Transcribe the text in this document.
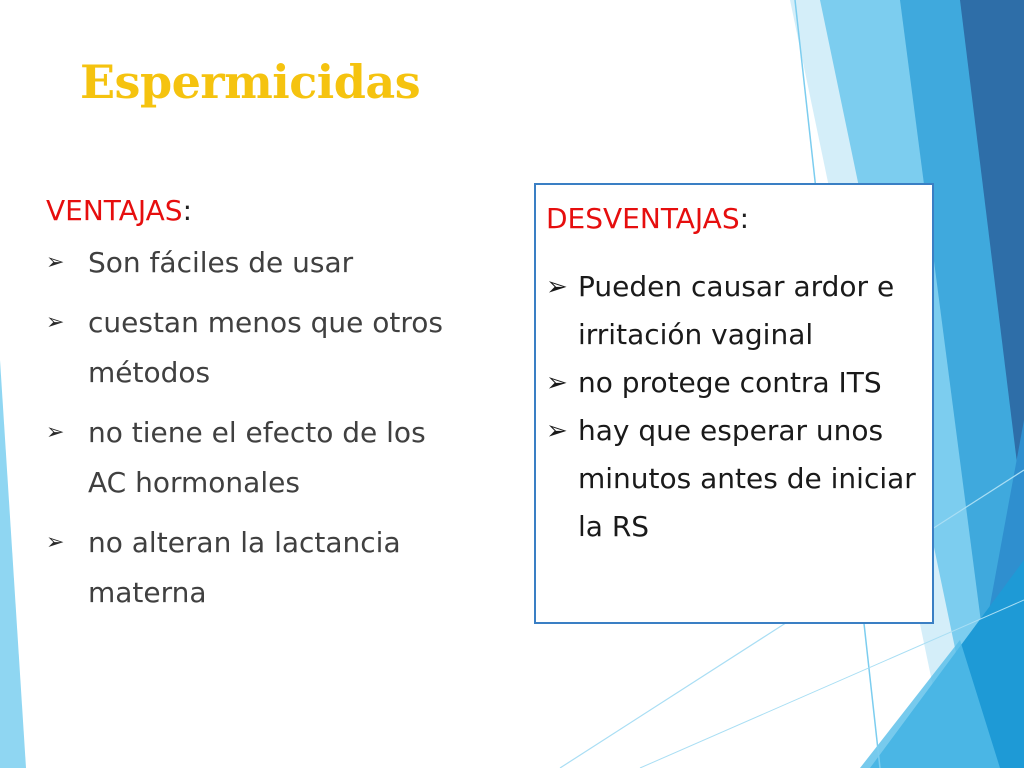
Espermicidas
VENTAJAS:
➢ Son fáciles de usar
➢ cuestan menos que otros métodos
➢ no tiene el efecto de los AC hormonales
➢ no alteran la lactancia materna
DESVENTAJAS:
➢ Pueden causar ardor e irritación vaginal
➢ no protege contra ITS
➢ hay que esperar unos minutos antes de iniciar la RS
